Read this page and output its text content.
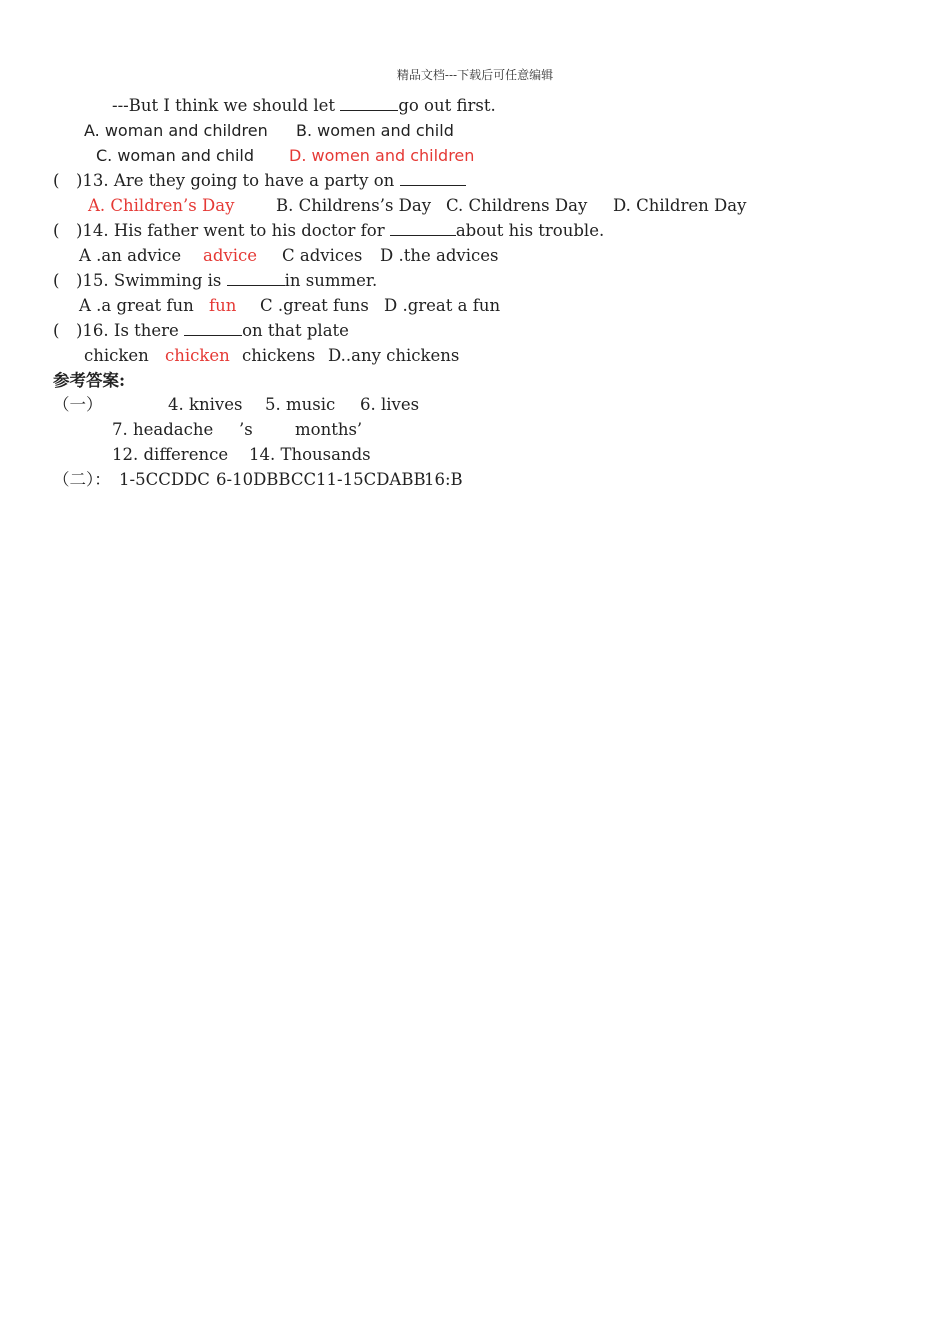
精品文档---下载后可任意编辑
---But I think we should let	go out first.
A. woman and children B. women and child
C. woman and child D. women and children
( )13. Are they going to have a party on
A. Children’s Day	B. Childrens’s Day C. Childrens Day D. Children Day
( )14. His father went to his doctor for	about his trouble.
A .an advice advice C advices D .the advices
( )15. Swimming is	in summer.
A .a great fun fun C .great funs D .great a fun
( )16. Is there	on that plate
chicken chicken chickens D..any chickens
参考答案:
（一）	4. knives 5. music 6. lives
7. headache ’s	months’
12. difference 14. Thousands
（二）： 1-5CCDDC 6-10DBBCC 11-15CDABB
16:B
